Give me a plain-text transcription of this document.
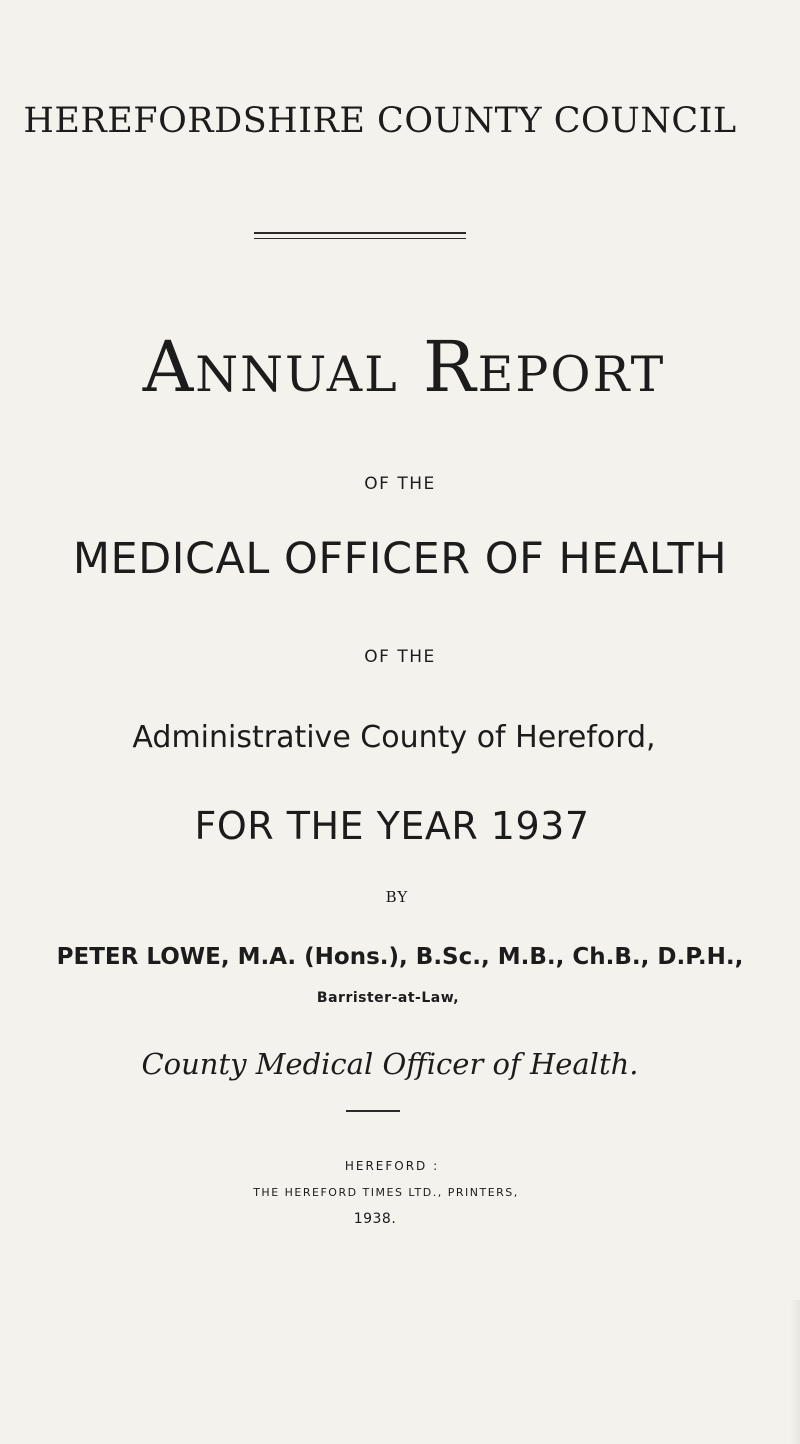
HEREFORDSHIRE COUNTY COUNCIL
Annual Report
OF THE
MEDICAL OFFICER OF HEALTH
OF THE
Administrative County of Hereford,
FOR THE YEAR 1937
BY
PETER LOWE, M.A. (Hons.), B.Sc., M.B., Ch.B., D.P.H.,
Barrister-at-Law,
County Medical Officer of Health.
HEREFORD :
THE HEREFORD TIMES LTD., PRINTERS,
1938.
